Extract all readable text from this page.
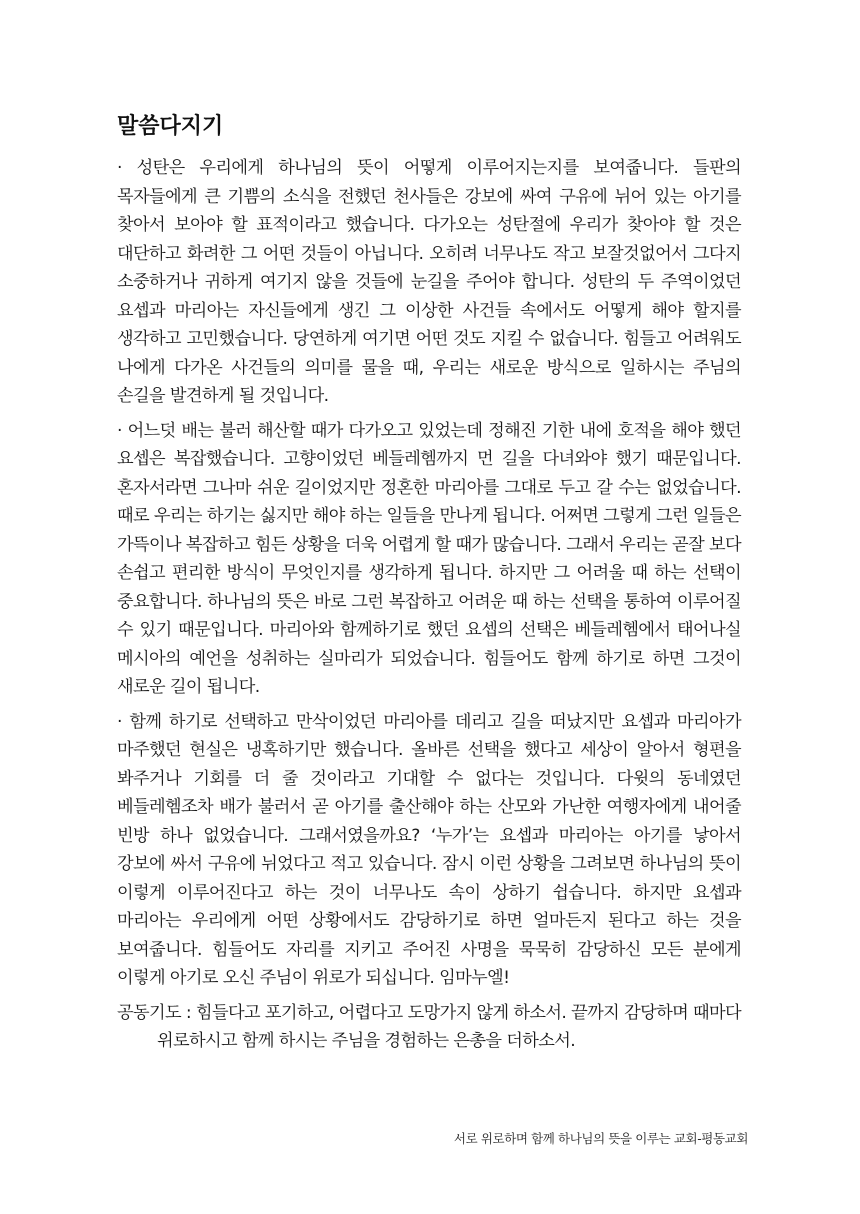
말씀다지기

· 성탄은 우리에게 하나님의 뜻이 어떻게 이루어지는지를 보여줍니다. 들판의 목자들에게 큰 기쁨의 소식을 전했던 천사들은 강보에 싸여 구유에 뉘어 있는 아기를 찾아서 보아야 할 표적이라고 했습니다. 다가오는 성탄절에 우리가 찾아야 할 것은 대단하고 화려한 그 어떤 것들이 아닙니다. 오히려 너무나도 작고 보잘것없어서 그다지 소중하거나 귀하게 여기지 않을 것들에 눈길을 주어야 합니다. 성탄의 두 주역이었던 요셉과 마리아는 자신들에게 생긴 그 이상한 사건들 속에서도 어떻게 해야 할지를 생각하고 고민했습니다. 당연하게 여기면 어떤 것도 지킬 수 없습니다. 힘들고 어려워도 나에게 다가온 사건들의 의미를 물을 때, 우리는 새로운 방식으로 일하시는 주님의 손길을 발견하게 될 것입니다.

· 어느덧 배는 불러 해산할 때가 다가오고 있었는데 정해진 기한 내에 호적을 해야 했던 요셉은 복잡했습니다. 고향이었던 베들레헴까지 먼 길을 다녀와야 했기 때문입니다. 혼자서라면 그나마 쉬운 길이었지만 정혼한 마리아를 그대로 두고 갈 수는 없었습니다. 때로 우리는 하기는 싫지만 해야 하는 일들을 만나게 됩니다. 어쩌면 그렇게 그런 일들은 가뜩이나 복잡하고 힘든 상황을 더욱 어렵게 할 때가 많습니다. 그래서 우리는 곧잘 보다 손쉽고 편리한 방식이 무엇인지를 생각하게 됩니다. 하지만 그 어려울 때 하는 선택이 중요합니다. 하나님의 뜻은 바로 그런 복잡하고 어려운 때 하는 선택을 통하여 이루어질 수 있기 때문입니다. 마리아와 함께하기로 했던 요셉의 선택은 베들레헴에서 태어나실 메시아의 예언을 성취하는 실마리가 되었습니다. 힘들어도 함께 하기로 하면 그것이 새로운 길이 됩니다.

· 함께 하기로 선택하고 만삭이었던 마리아를 데리고 길을 떠났지만 요셉과 마리아가 마주했던 현실은 냉혹하기만 했습니다. 올바른 선택을 했다고 세상이 알아서 형편을 봐주거나 기회를 더 줄 것이라고 기대할 수 없다는 것입니다. 다윗의 동네였던 베들레헴조차 배가 불러서 곧 아기를 출산해야 하는 산모와 가난한 여행자에게 내어줄 빈방 하나 없었습니다. 그래서였을까요? ‘누가’는 요셉과 마리아는 아기를 낳아서 강보에 싸서 구유에 뉘었다고 적고 있습니다. 잠시 이런 상황을 그려보면 하나님의 뜻이 이렇게 이루어진다고 하는 것이 너무나도 속이 상하기 쉽습니다. 하지만 요셉과 마리아는 우리에게 어떤 상황에서도 감당하기로 하면 얼마든지 된다고 하는 것을 보여줍니다. 힘들어도 자리를 지키고 주어진 사명을 묵묵히 감당하신 모든 분에게 이렇게 아기로 오신 주님이 위로가 되십니다. 임마누엘!

공동기도 : 힘들다고 포기하고, 어렵다고 도망가지 않게 하소서. 끝까지 감당하며 때마다 위로하시고 함께 하시는 주님을 경험하는 은총을 더하소서.

서로 위로하며 함께 하나님의 뜻을 이루는 교회-평동교회
